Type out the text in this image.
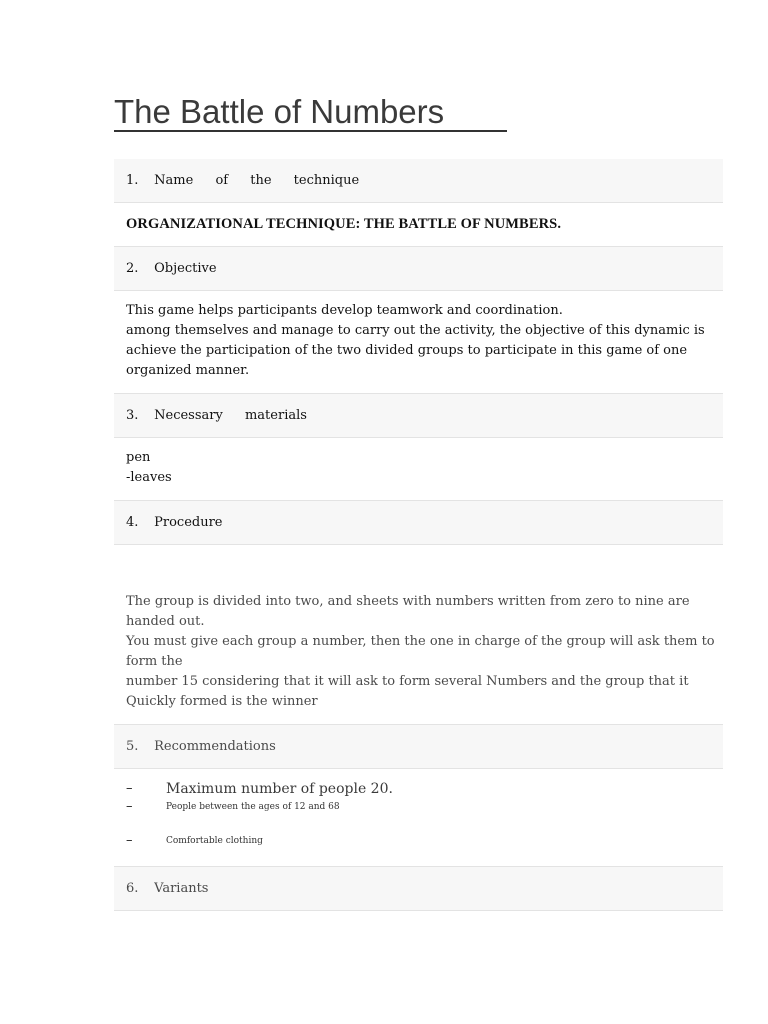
The Battle of Numbers
1. Name of the technique
ORGANIZATIONAL TECHNIQUE: THE BATTLE OF NUMBERS.
2. Objective
This game helps participants develop teamwork and coordination.
among themselves and manage to carry out the activity, the objective of this dynamic is
achieve the participation of the two divided groups to participate in this game of one
organized manner.
3. Necessary materials
pen
-leaves
4. Procedure
The group is divided into two, and sheets with numbers written from zero to nine are handed out.
You must give each group a number, then the one in charge of the group will ask them to form the
number 15 considering that it will ask to form several Numbers and the group that it
Quickly formed is the winner
5. Recommendations
– Maximum number of people 20.
–	People between the ages of 12 and 68
–	Comfortable clothing
6. Variants
